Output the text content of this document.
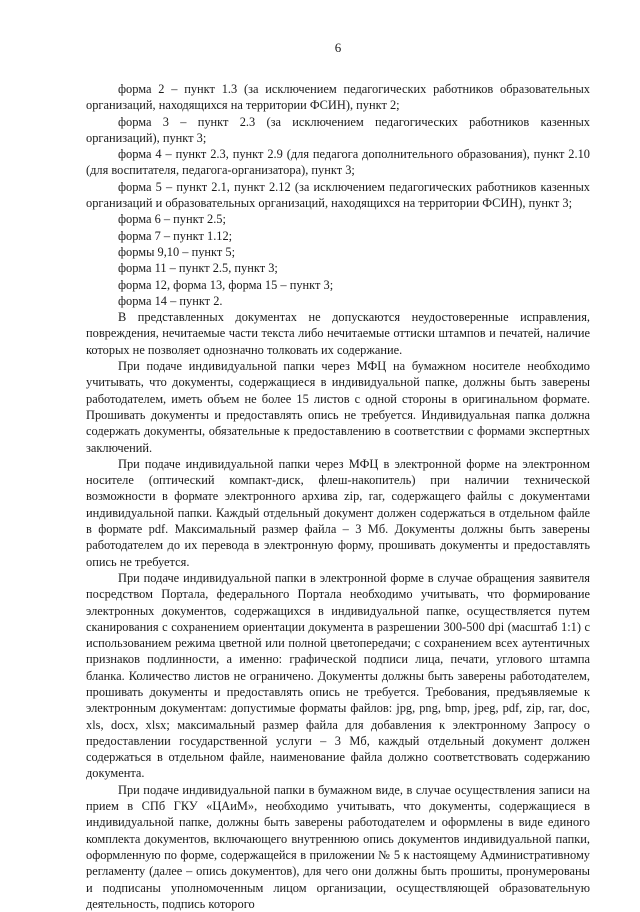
6

форма 2 – пункт 1.3 (за исключением педагогических работников образовательных организаций, находящихся на территории ФСИН), пункт 2;

форма 3 – пункт 2.3 (за исключением педагогических работников казенных организаций), пункт 3;

форма 4 – пункт 2.3, пункт 2.9 (для педагога дополнительного образования), пункт 2.10 (для воспитателя, педагога-организатора), пункт 3;

форма 5 – пункт 2.1, пункт 2.12 (за исключением педагогических работников казенных организаций и образовательных организаций, находящихся на территории ФСИН), пункт 3;

форма 6 – пункт 2.5;

форма 7 – пункт 1.12;

формы 9,10 – пункт 5;

форма 11 – пункт 2.5, пункт 3;

форма 12, форма 13, форма 15 – пункт 3;

форма 14 – пункт 2.

В представленных документах не допускаются неудостоверенные исправления, повреждения, нечитаемые части текста либо нечитаемые оттиски штампов и печатей, наличие которых не позволяет однозначно толковать их содержание.

При подаче индивидуальной папки через МФЦ на бумажном носителе необходимо учитывать, что документы, содержащиеся в индивидуальной папке, должны быть заверены работодателем, иметь объем не более 15 листов с одной стороны в оригинальном формате. Прошивать документы и предоставлять опись не требуется. Индивидуальная папка должна содержать документы, обязательные к предоставлению в соответствии с формами экспертных заключений.

При подаче индивидуальной папки через МФЦ в электронной форме на электронном носителе (оптический компакт-диск, флеш-накопитель) при наличии технической возможности в формате электронного архива zip, rar, содержащего файлы с документами индивидуальной папки. Каждый отдельный документ должен содержаться в отдельном файле в формате pdf. Максимальный размер файла – 3 Мб. Документы должны быть заверены работодателем до их перевода в электронную форму, прошивать документы и предоставлять опись не требуется.

При подаче индивидуальной папки в электронной форме в случае обращения заявителя посредством Портала, федерального Портала необходимо учитывать, что формирование электронных документов, содержащихся в индивидуальной папке, осуществляется путем сканирования с сохранением ориентации документа в разрешении 300-500 dpi (масштаб 1:1) с использованием режима цветной или полной цветопередачи; с сохранением всех аутентичных признаков подлинности, а именно: графической подписи лица, печати, углового штампа бланка. Количество листов не ограничено. Документы должны быть заверены работодателем, прошивать документы и предоставлять опись не требуется. Требования, предъявляемые к электронным документам: допустимые форматы файлов: jpg, png, bmp, jpeg, pdf, zip, rar, doc, xls, docx, xlsx; максимальный размер файла для добавления к электронному Запросу о предоставлении государственной услуги – 3 Мб, каждый отдельный документ должен содержаться в отдельном файле, наименование файла должно соответствовать содержанию документа.

При подаче индивидуальной папки в бумажном виде, в случае осуществления записи на прием в СПб ГКУ «ЦАиМ», необходимо учитывать, что документы, содержащиеся в индивидуальной папке, должны быть заверены работодателем и оформлены в виде единого комплекта документов, включающего внутреннюю опись документов индивидуальной папки, оформленную по форме, содержащейся в приложении № 5 к настоящему Административному регламенту (далее – опись документов), для чего они должны быть прошиты, пронумерованы и подписаны уполномоченным лицом организации, осуществляющей образовательную деятельность, подпись которого
